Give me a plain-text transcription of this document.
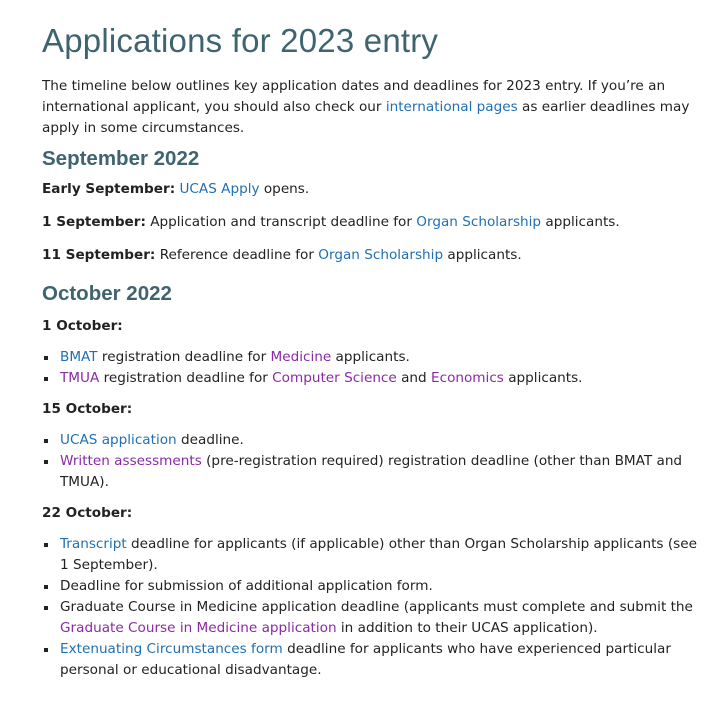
Applications for 2023 entry

The timeline below outlines key application dates and deadlines for 2023 entry. If you’re an international applicant, you should also check our international pages as earlier deadlines may apply in some circumstances.

September 2022

Early September: UCAS Apply opens.

1 September: Application and transcript deadline for Organ Scholarship applicants.

11 September: Reference deadline for Organ Scholarship applicants.

October 2022

1 October:

BMAT registration deadline for Medicine applicants.
TMUA registration deadline for Computer Science and Economics applicants.

15 October:

UCAS application deadline.
Written assessments (pre-registration required) registration deadline (other than BMAT and TMUA).

22 October:

Transcript deadline for applicants (if applicable) other than Organ Scholarship applicants (see 1 September).
Deadline for submission of additional application form.
Graduate Course in Medicine application deadline (applicants must complete and submit the Graduate Course in Medicine application in addition to their UCAS application).
Extenuating Circumstances form deadline for applicants who have experienced particular personal or educational disadvantage.
